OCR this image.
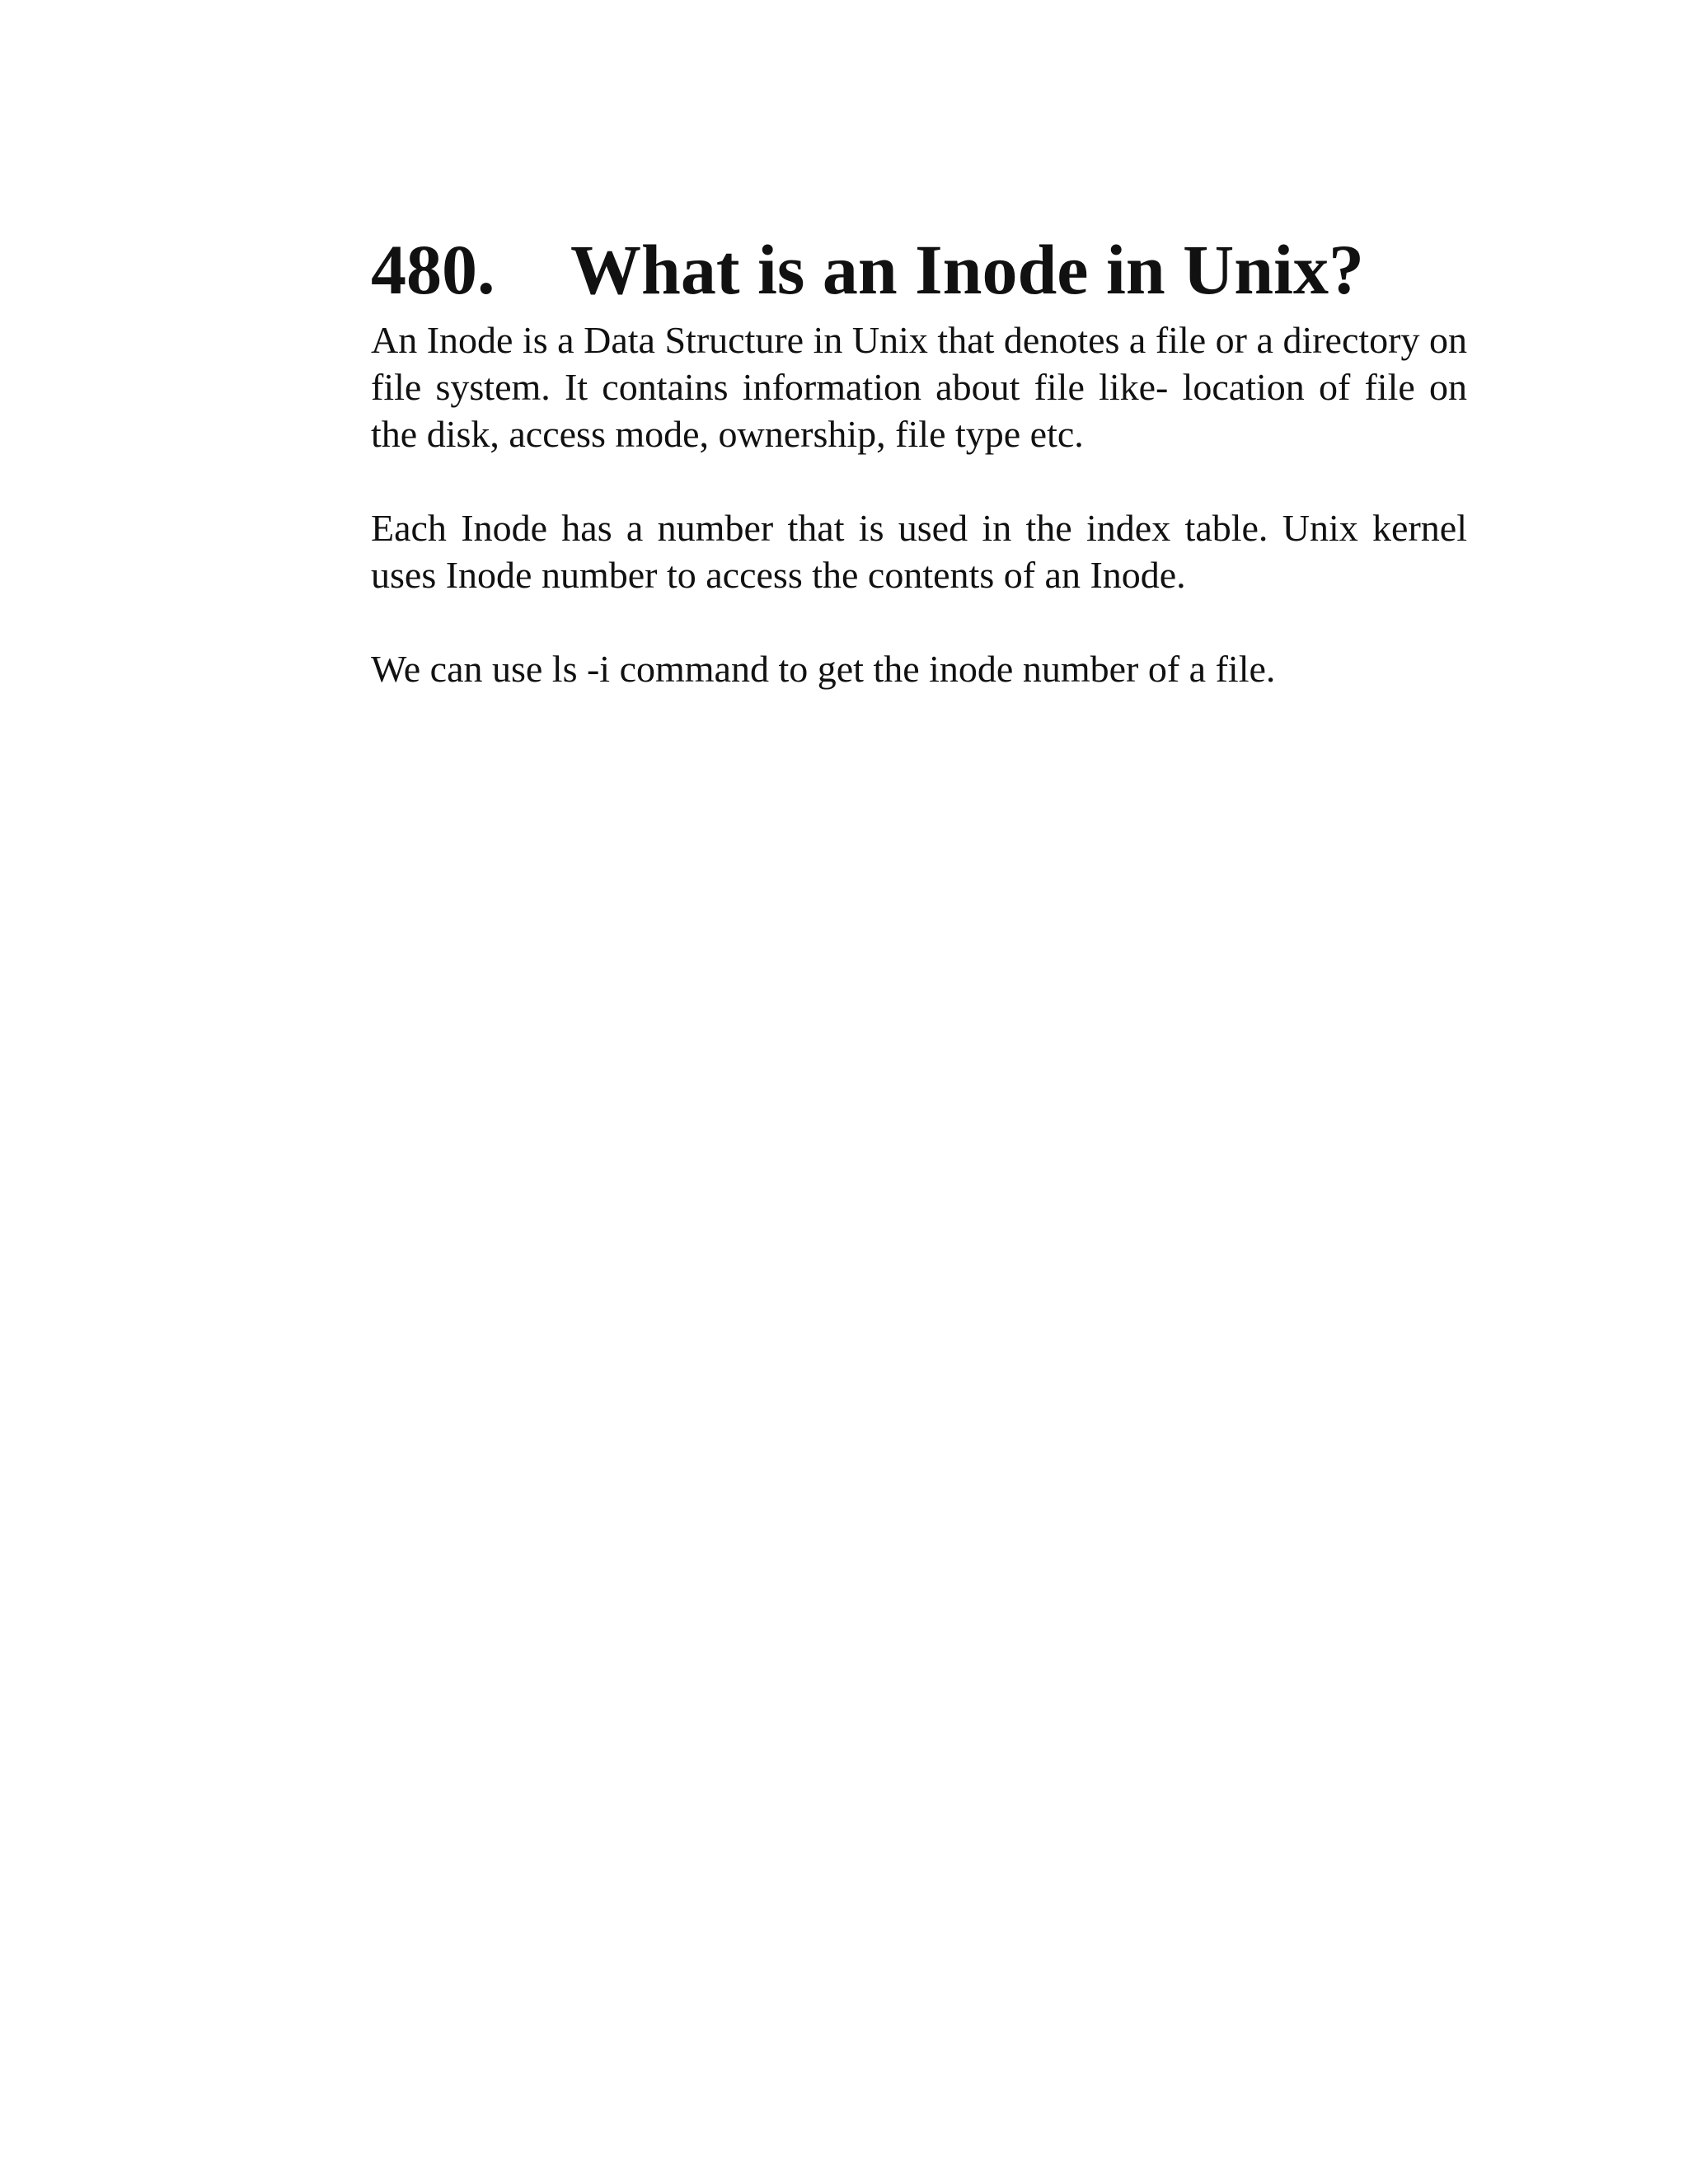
480.	What is an Inode in Unix?

An Inode is a Data Structure in Unix that denotes a file or a directory on file system. It contains information about file like- location of file on the disk, access mode, ownership, file type etc.

Each Inode has a number that is used in the index table. Unix kernel uses Inode number to access the contents of an Inode.

We can use ls -i command to get the inode number of a file.
